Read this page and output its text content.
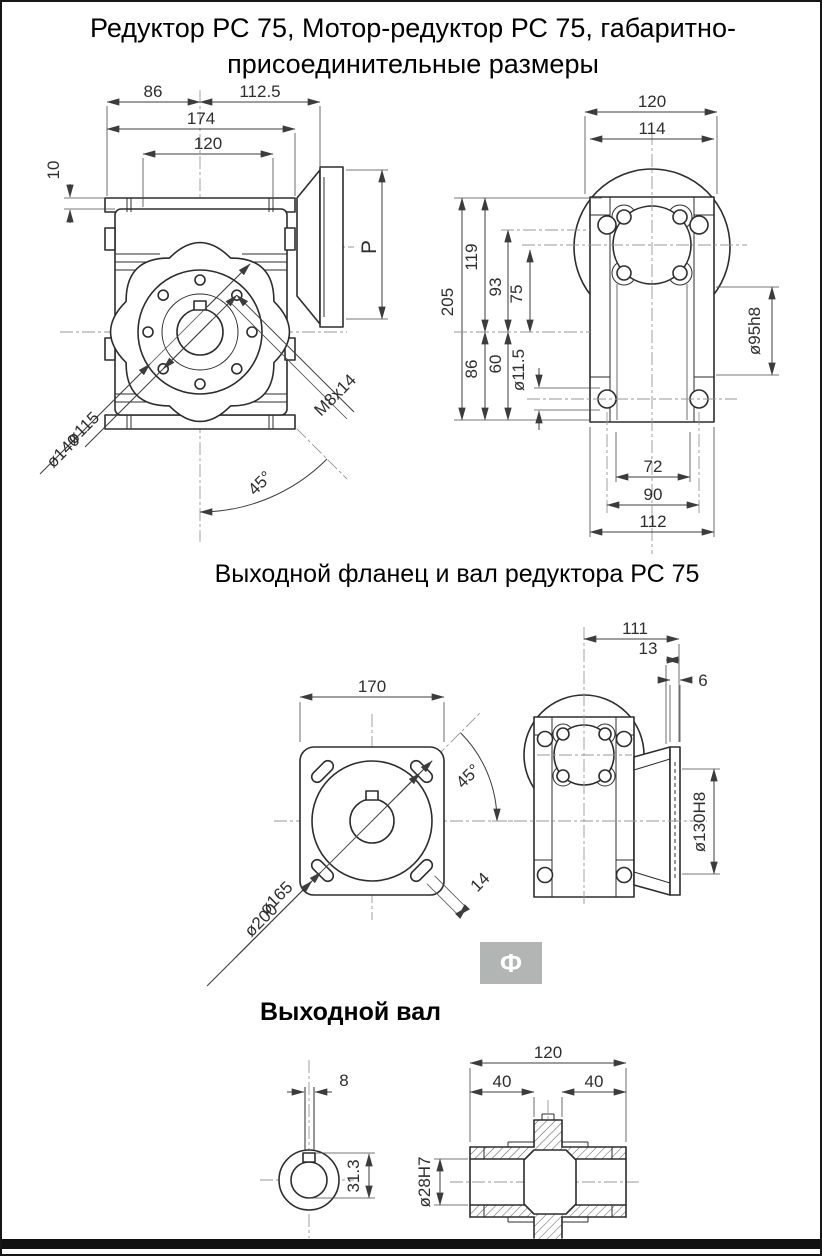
Редуктор РС 75, Мотор-редуктор РС 75, габаритно-
присоединительные размеры
Выходной фланец и вал редуктора РС 75
Выходной вал
86	112.5
174
120
10
P
ø115
ø140
M8x14
45°
120
114
205
119
93 75
86 60 ø11.5
ø95h8
72
90
112
170
45°
ø165
ø200
14
111
13
6
ø130H8
8
31.3
120
40	40
ø28H7
Ф
